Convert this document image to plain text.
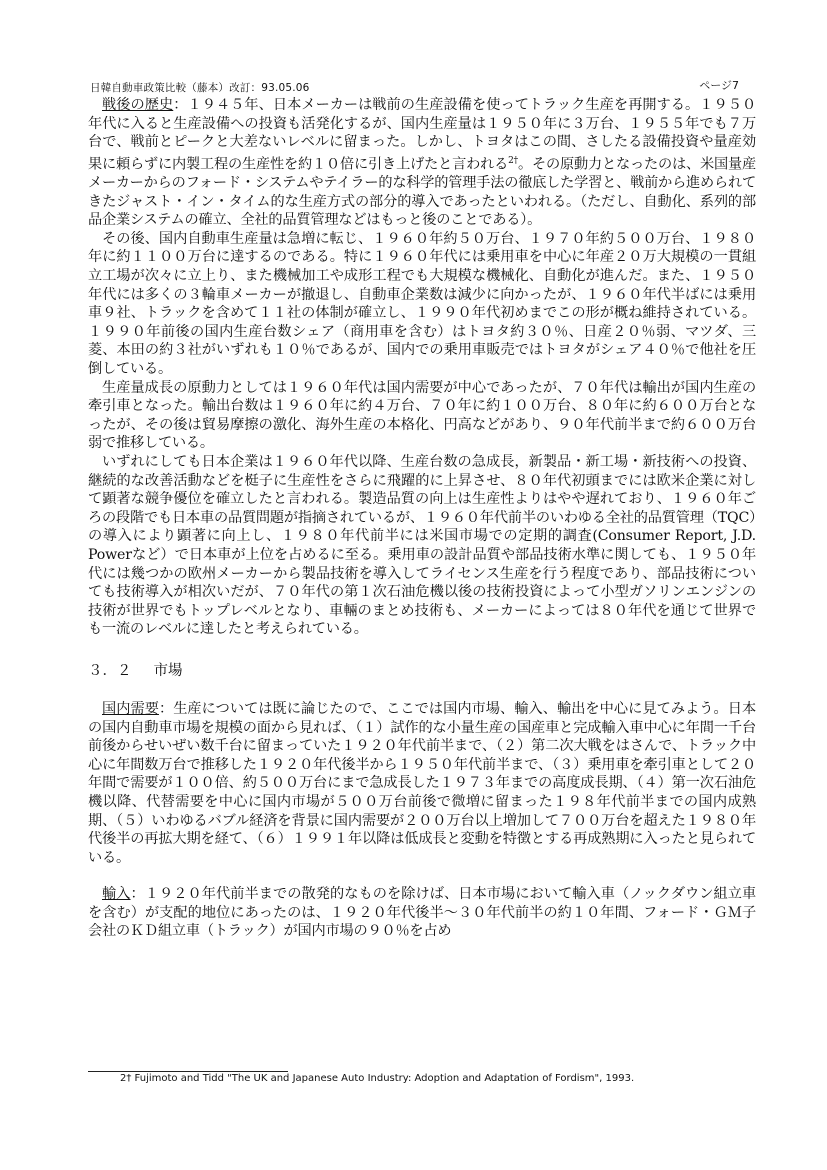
日韓自動車政策比較（藤本）改訂：93.05.06	ページ7

戦後の歴史：１９４５年、日本メーカーは戦前の生産設備を使ってトラック生産を再開する。１９５０年代に入ると生産設備への投資も活発化するが、国内生産量は１９５０年に３万台、１９５５年でも７万台で、戦前とピークと大差ないレベルに留まった。しかし、トヨタはこの間、さしたる設備投資や量産効果に頼らずに内製工程の生産性を約１０倍に引き上げたと言われる$^{2\dagger}$。その原動力となったのは、米国量産メーカーからのフォード・システムやテイラー的な科学的管理手法の徹底した学習と、戦前から進められてきたジャスト・イン・タイム的な生産方式の部分的導入であったといわれる。（ただし、自動化、系列的部品企業システムの確立、全社的品質管理などはもっと後のことである）。

その後、国内自動車生産量は急増に転じ、１９６０年約５０万台、１９７０年約５００万台、１９８０年に約１１００万台に達するのである。特に１９６０年代には乗用車を中心に年産２０万大規模の一貫組立工場が次々に立上り、また機械加工や成形工程でも大規模な機械化、自動化が進んだ。また、１９５０年代には多くの３輪車メーカーが撤退し、自動車企業数は減少に向かったが、１９６０年代半ばには乗用車９社、トラックを含めて１１社の体制が確立し、１９９０年代初めまでこの形が概ね維持されている。１９９０年前後の国内生産台数シェア（商用車を含む）はトヨタ約３０％、日産２０％弱、マツダ、三菱、本田の約３社がいずれも１０％であるが、国内での乗用車販売ではトヨタがシェア４０％で他社を圧倒している。

生産量成長の原動力としては１９６０年代は国内需要が中心であったが、７０年代は輸出が国内生産の牽引車となった。輸出台数は１９６０年に約４万台、７０年に約１００万台、８０年に約６００万台となったが、その後は貿易摩擦の激化、海外生産の本格化、円高などがあり、９０年代前半まで約６００万台弱で推移している。

いずれにしても日本企業は１９６０年代以降、生産台数の急成長，新製品・新工場・新技術への投資、継続的な改善活動などを梃子に生産性をさらに飛躍的に上昇させ、８０年代初頭までには欧米企業に対して顕著な競争優位を確立したと言われる。製造品質の向上は生産性よりはやや遅れており、１９６０年ごろの段階でも日本車の品質問題が指摘されているが、１９６０年代前半のいわゆる全社的品質管理（TQC）の導入により顕著に向上し、１９８０年代前半には米国市場での定期的調査(Consumer Report, J.D. Powerなど）で日本車が上位を占めるに至る。乗用車の設計品質や部品技術水準に関しても、１９５０年代には幾つかの欧州メーカーから製品技術を導入してライセンス生産を行う程度であり、部品技術についても技術導入が相次いだが、７０年代の第１次石油危機以後の技術投資によって小型ガソリンエンジンの技術が世界でもトップレベルとなり、車輛のまとめ技術も、メーカーによっては８０年代を通じて世界でも一流のレベルに達したと考えられている。

３．２ 市場

国内需要：生産については既に論じたので、ここでは国内市場、輸入、輸出を中心に見てみよう。日本の国内自動車市場を規模の面から見れば、（１）試作的な小量生産の国産車と完成輸入車中心に年間一千台前後からせいぜい数千台に留まっていた１９２０年代前半まで、（２）第二次大戦をはさんで、トラック中心に年間数万台で推移した１９２０年代後半から１９５０年代前半まで、（３）乗用車を牽引車として２０年間で需要が１００倍、約５００万台にまで急成長した１９７３年までの高度成長期、（４）第一次石油危機以降、代替需要を中心に国内市場が５００万台前後で微増に留まった１９８年代前半までの国内成熟期、（５）いわゆるバブル経済を背景に国内需要が２００万台以上増加して７００万台を超えた１９８０年代後半の再拡大期を経て、（６）１９９１年以降は低成長と変動を特徴とする再成熟期に入ったと見られている。

輸入：１９２０年代前半までの散発的なものを除けば、日本市場において輸入車（ノックダウン組立車を含む）が支配的地位にあったのは、１９２０年代後半〜３０年代前半の約１０年間、フォード・ＧＭ子会社のＫＤ組立車（トラック）が国内市場の９０％を占め

2† Fujimoto and Tidd "The UK and Japanese Auto Industry: Adoption and Adaptation of Fordism", 1993.
